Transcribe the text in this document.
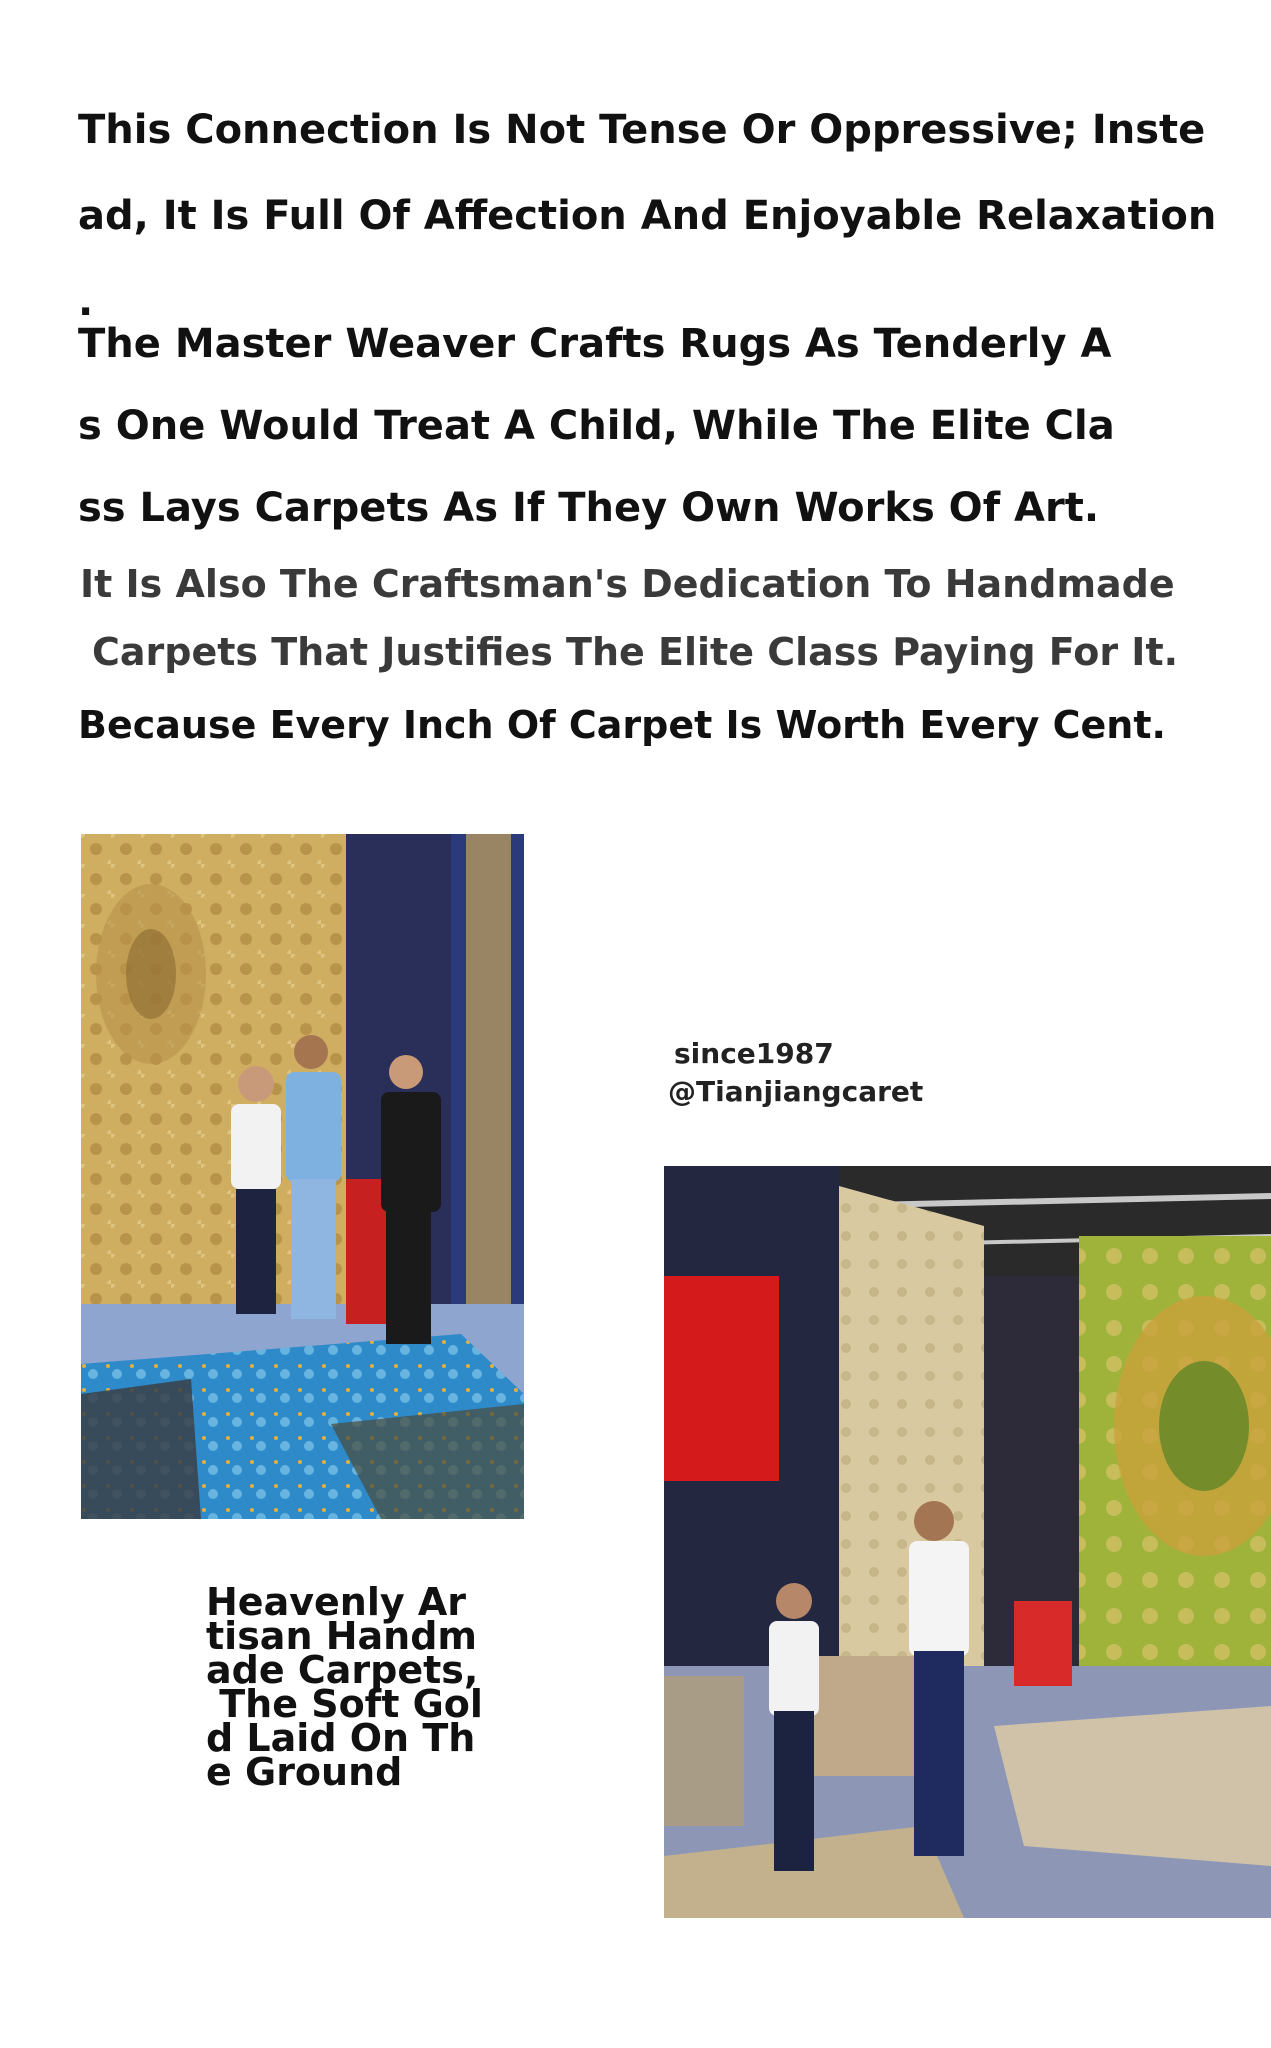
This Connection Is Not Tense Or Oppressive; Inste

ad, It Is Full Of Affection And Enjoyable Relaxation

.

The Master Weaver Crafts Rugs As Tenderly A

s One Would Treat A Child, While The Elite Cla

ss Lays Carpets As If They Own Works Of Art.

It Is Also The Craftsman's Dedication To Handmade

Carpets That Justifies The Elite Class Paying For It.

Because Every Inch Of Carpet Is Worth Every Cent.

since1987
@Tianjiangcaret
Heavenly Ar
tisan Handm
ade Carpets,
The Soft Gol
d Laid On Th
e Ground
